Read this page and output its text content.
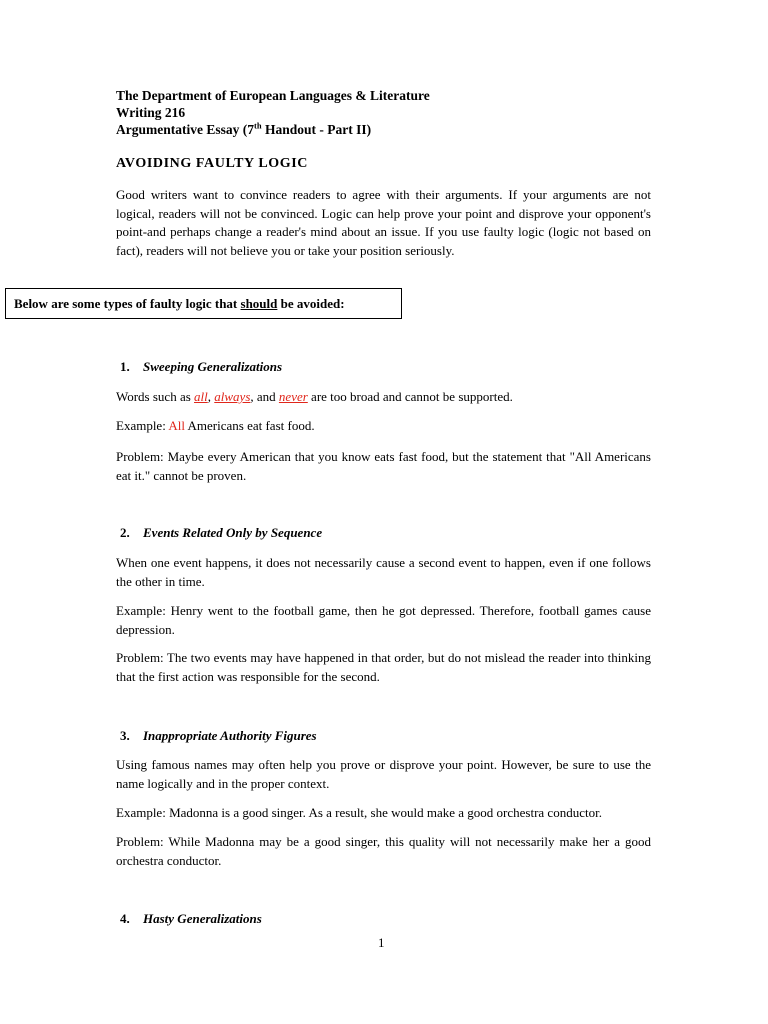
The Department of European Languages & Literature
Writing 216
Argumentative Essay (7th Handout - Part II)
AVOIDING FAULTY LOGIC
Good writers want to convince readers to agree with their arguments. If your arguments are not logical, readers will not be convinced. Logic can help prove your point and disprove your opponent's point-and perhaps change a reader's mind about an issue. If you use faulty logic (logic not based on fact), readers will not believe you or take your position seriously.
Below are some types of faulty logic that should be avoided:
1. Sweeping Generalizations
Words such as all, always, and never are too broad and cannot be supported.
Example: All Americans eat fast food.
Problem: Maybe every American that you know eats fast food, but the statement that "All Americans eat it." cannot be proven.
2. Events Related Only by Sequence
When one event happens, it does not necessarily cause a second event to happen, even if one follows the other in time.
Example: Henry went to the football game, then he got depressed. Therefore, football games cause depression.
Problem: The two events may have happened in that order, but do not mislead the reader into thinking that the first action was responsible for the second.
3. Inappropriate Authority Figures
Using famous names may often help you prove or disprove your point. However, be sure to use the name logically and in the proper context.
Example: Madonna is a good singer. As a result, she would make a good orchestra conductor.
Problem: While Madonna may be a good singer, this quality will not necessarily make her a good orchestra conductor.
4. Hasty Generalizations
1
